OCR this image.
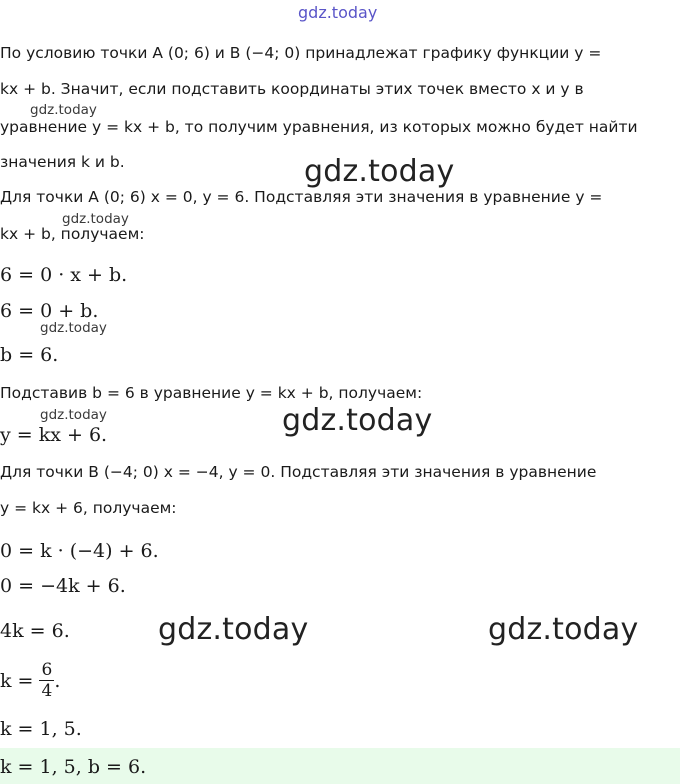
gdz.today
По условию точки A (0; 6) и B (−4; 0) принадлежат графику функции y =
kx + b. Значит, если подставить координаты этих точек вместо x и y в
gdz.today
уравнение y = kx + b, то получим уравнения, из которых можно будет найти
значения k и b.	gdz.today
Для точки A (0; 6) x = 0, y = 6. Подставляя эти значения в уравнение y =
gdz.today
kx + b, получаем:
6 = 0 · x + b.
6 = 0 + b.
gdz.today
b = 6.
Подставив b = 6 в уравнение y = kx + b, получаем:
gdz.today	gdz.today
y = kx + 6.
Для точки B (−4; 0) x = −4, y = 0. Подставляя эти значения в уравнение
y = kx + 6, получаем:
0 = k · (−4) + 6.
0 = −4k + 6.
4k = 6.	gdz.today	gdz.today
$k = \frac{6}{4}$ .
k = 1, 5.
k = 1, 5, b = 6.
